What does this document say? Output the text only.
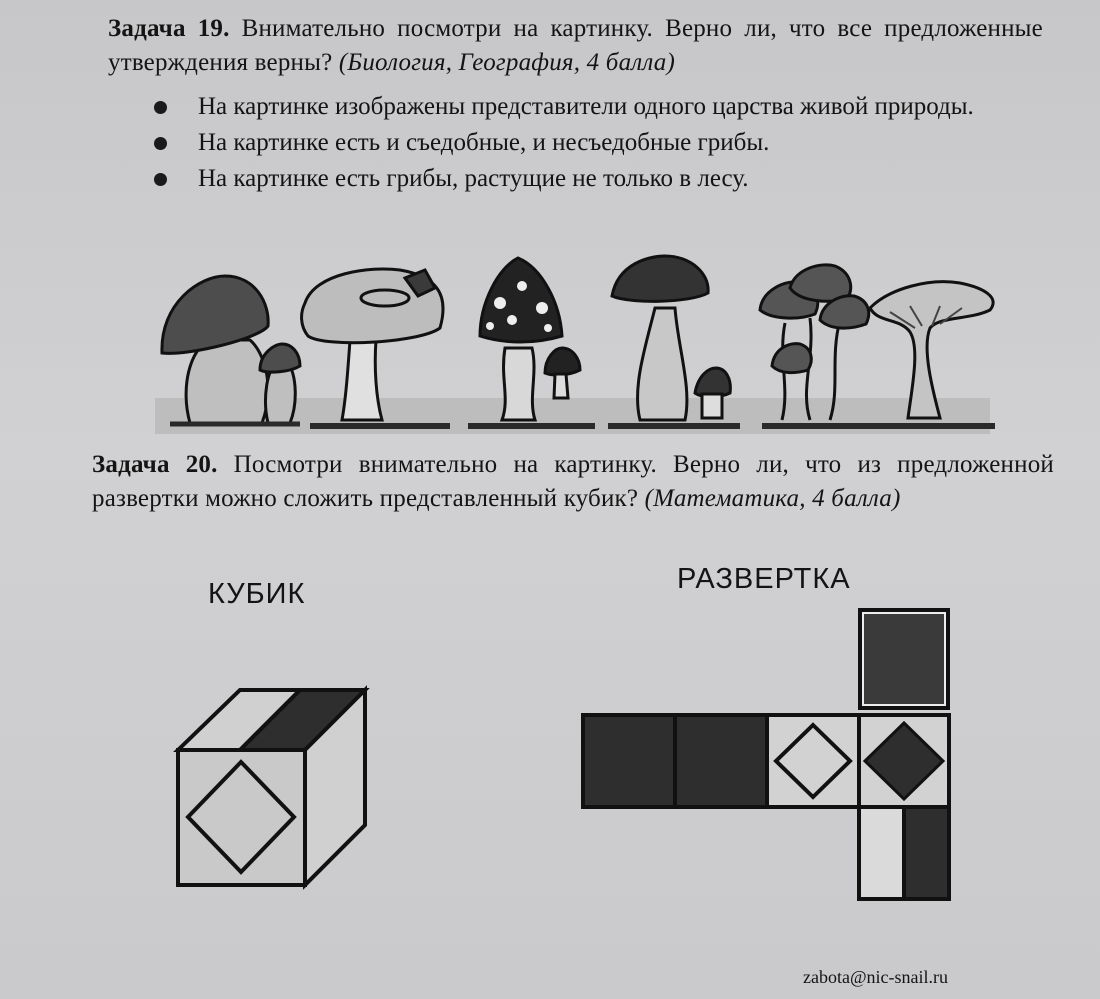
Задача 19. Внимательно посмотри на картинку. Верно ли, что все предложенные утверждения верны? (Биология, География, 4 балла)
На картинке изображены представители одного царства живой природы.
На картинке есть и съедобные, и несъедобные грибы.
На картинке есть грибы, растущие не только в лесу.
Задача 20. Посмотри внимательно на картинку. Верно ли, что из предложенной развертки можно сложить представленный кубик? (Математика, 4 балла)
КУБИК	РАЗВЕРТКА
zabota@nic-snail.ru
